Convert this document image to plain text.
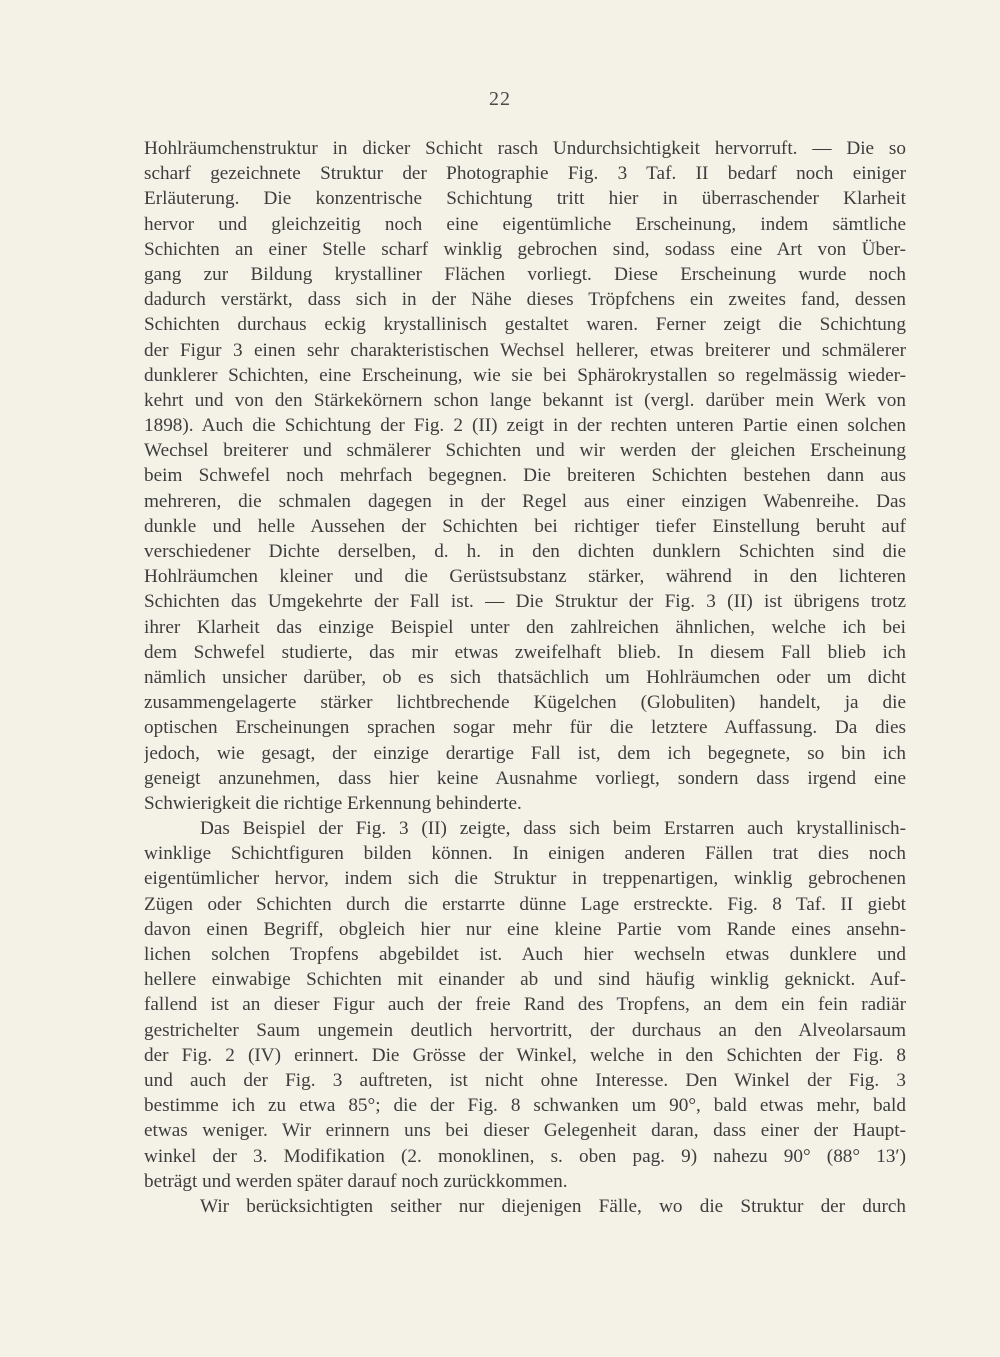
22
Hohlräumchenstruktur in dicker Schicht rasch Undurchsichtigkeit hervorruft. — Die so
scharf gezeichnete Struktur der Photographie Fig. 3 Taf. II bedarf noch einiger
Erläuterung. Die konzentrische Schichtung tritt hier in überraschender Klarheit
hervor und gleichzeitig noch eine eigentümliche Erscheinung, indem sämtliche
Schichten an einer Stelle scharf winklig gebrochen sind, sodass eine Art von Über-
gang zur Bildung krystalliner Flächen vorliegt. Diese Erscheinung wurde noch
dadurch verstärkt, dass sich in der Nähe dieses Tröpfchens ein zweites fand, dessen
Schichten durchaus eckig krystallinisch gestaltet waren. Ferner zeigt die Schichtung
der Figur 3 einen sehr charakteristischen Wechsel hellerer, etwas breiterer und schmälerer
dunklerer Schichten, eine Erscheinung, wie sie bei Sphärokrystallen so regelmässig wieder-
kehrt und von den Stärkekörnern schon lange bekannt ist (vergl. darüber mein Werk von
1898). Auch die Schichtung der Fig. 2 (II) zeigt in der rechten unteren Partie einen solchen
Wechsel breiterer und schmälerer Schichten und wir werden der gleichen Erscheinung
beim Schwefel noch mehrfach begegnen. Die breiteren Schichten bestehen dann aus
mehreren, die schmalen dagegen in der Regel aus einer einzigen Wabenreihe. Das
dunkle und helle Aussehen der Schichten bei richtiger tiefer Einstellung beruht auf
verschiedener Dichte derselben, d. h. in den dichten dunklern Schichten sind die
Hohlräumchen kleiner und die Gerüstsubstanz stärker, während in den lichteren
Schichten das Umgekehrte der Fall ist. — Die Struktur der Fig. 3 (II) ist übrigens trotz
ihrer Klarheit das einzige Beispiel unter den zahlreichen ähnlichen, welche ich bei
dem Schwefel studierte, das mir etwas zweifelhaft blieb. In diesem Fall blieb ich
nämlich unsicher darüber, ob es sich thatsächlich um Hohlräumchen oder um dicht
zusammengelagerte stärker lichtbrechende Kügelchen (Globuliten) handelt, ja die
optischen Erscheinungen sprachen sogar mehr für die letztere Auffassung. Da dies
jedoch, wie gesagt, der einzige derartige Fall ist, dem ich begegnete, so bin ich
geneigt anzunehmen, dass hier keine Ausnahme vorliegt, sondern dass irgend eine
Schwierigkeit die richtige Erkennung behinderte.
Das Beispiel der Fig. 3 (II) zeigte, dass sich beim Erstarren auch krystallinisch-
winklige Schichtfiguren bilden können. In einigen anderen Fällen trat dies noch
eigentümlicher hervor, indem sich die Struktur in treppenartigen, winklig gebrochenen
Zügen oder Schichten durch die erstarrte dünne Lage erstreckte. Fig. 8 Taf. II giebt
davon einen Begriff, obgleich hier nur eine kleine Partie vom Rande eines ansehn-
lichen solchen Tropfens abgebildet ist. Auch hier wechseln etwas dunklere und
hellere einwabige Schichten mit einander ab und sind häufig winklig geknickt. Auf-
fallend ist an dieser Figur auch der freie Rand des Tropfens, an dem ein fein radiär
gestrichelter Saum ungemein deutlich hervortritt, der durchaus an den Alveolarsaum
der Fig. 2 (IV) erinnert. Die Grösse der Winkel, welche in den Schichten der Fig. 8
und auch der Fig. 3 auftreten, ist nicht ohne Interesse. Den Winkel der Fig. 3
bestimme ich zu etwa 85°; die der Fig. 8 schwanken um 90°, bald etwas mehr, bald
etwas weniger. Wir erinnern uns bei dieser Gelegenheit daran, dass einer der Haupt-
winkel der 3. Modifikation (2. monoklinen, s. oben pag. 9) nahezu 90° (88° 13′)
beträgt und werden später darauf noch zurückkommen.
Wir berücksichtigten seither nur diejenigen Fälle, wo die Struktur der durch
